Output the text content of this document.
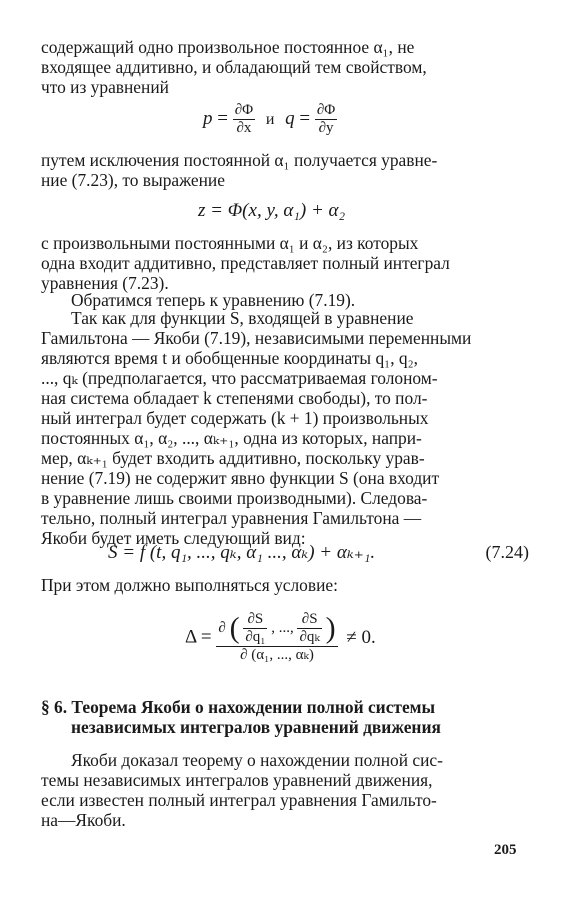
содержащий одно произвольное постоянное α₁, не
входящее аддитивно, и обладающий тем свойством,
что из уравнений
$p = \frac{\partial\Phi}{\partial x}$ и $q = \frac{\partial\Phi}{\partial y}$
путем исключения постоянной α₁ получается уравне-
ние (7.23), то выражение
z = Φ(x, y, α₁) + α₂
с произвольными постоянными α₁ и α₂, из которых
одна входит аддитивно, представляет полный интеграл
уравнения (7.23).
Обратимся теперь к уравнению (7.19).
Так как для функции S, входящей в уравнение
Гамильтона — Якоби (7.19), независимыми переменными
являются время t и обобщенные координаты q₁, q₂,
..., qₖ (предполагается, что рассматриваемая голоном-
ная система обладает k степенями свободы), то пол-
ный интеграл будет содержать (k + 1) произвольных
постоянных α₁, α₂, ..., αₖ₊₁, одна из которых, напри-
мер, αₖ₊₁ будет входить аддитивно, поскольку урав-
нение (7.19) не содержит явно функции S (она входит
в уравнение лишь своими производными). Следова-
тельно, полный интеграл уравнения Гамильтона —
Якоби будет иметь следующий вид:
S = f (t, q₁, ..., qₖ, α₁ ..., αₖ) + αₖ₊₁.	(7.24)
При этом должно выполняться условие:
Δ = ∂ ( $\frac{\partial S}{\text{∂q₁}}$ , ..., $\frac{\partial S}{\text{∂qₖ}}$ )
∂ (α₁, ..., αₖ)
≠ 0.
§ 6. Теорема Якоби о нахождении полной системы
независимых интегралов уравнений движения
Якоби доказал теорему о нахождении полной сис-
темы независимых интегралов уравнений движения,
если известен полный интеграл уравнения Гамильто-
на—Якоби.
205
